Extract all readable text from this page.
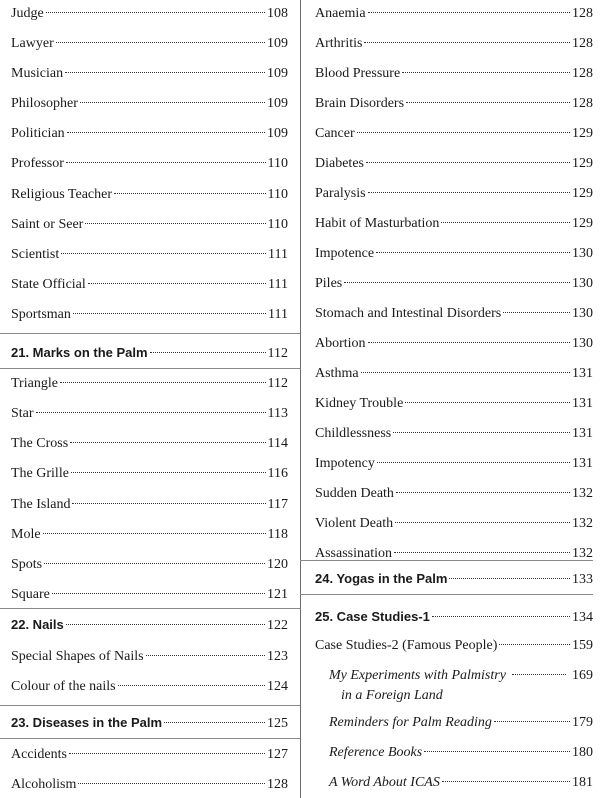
Judge	108
Lawyer	109
Musician	109
Philosopher	109
Politician	109
Professor	110
Religious Teacher	110
Saint or Seer	110
Scientist	111
State Official	111
Sportsman	111
21. Marks on the Palm	112
Triangle	112
Star	113
The Cross	114
The Grille	116
The Island	117
Mole	118
Spots	120
Square	121
22. Nails	122
Special Shapes of Nails	123
Colour of the nails	124
23. Diseases in the Palm	125
Accidents	127
Alcoholism	128
Anaemia	128
Arthritis	128
Blood Pressure	128
Brain Disorders	128
Cancer	129
Diabetes	129
Paralysis	129
Habit of Masturbation	129
Impotence	130
Piles	130
Stomach and Intestinal Disorders	130
Abortion	130
Asthma	131
Kidney Trouble	131
Childlessness	131
Impotency	131
Sudden Death	132
Violent Death	132
Assassination	132
24. Yogas in the Palm	133
25. Case Studies-1	134
Case Studies-2 (Famous People)	159
My Experiments with Palmistry	169
in a Foreign Land
Reminders for Palm Reading	179
Reference Books	180
A Word About ICAS	181
